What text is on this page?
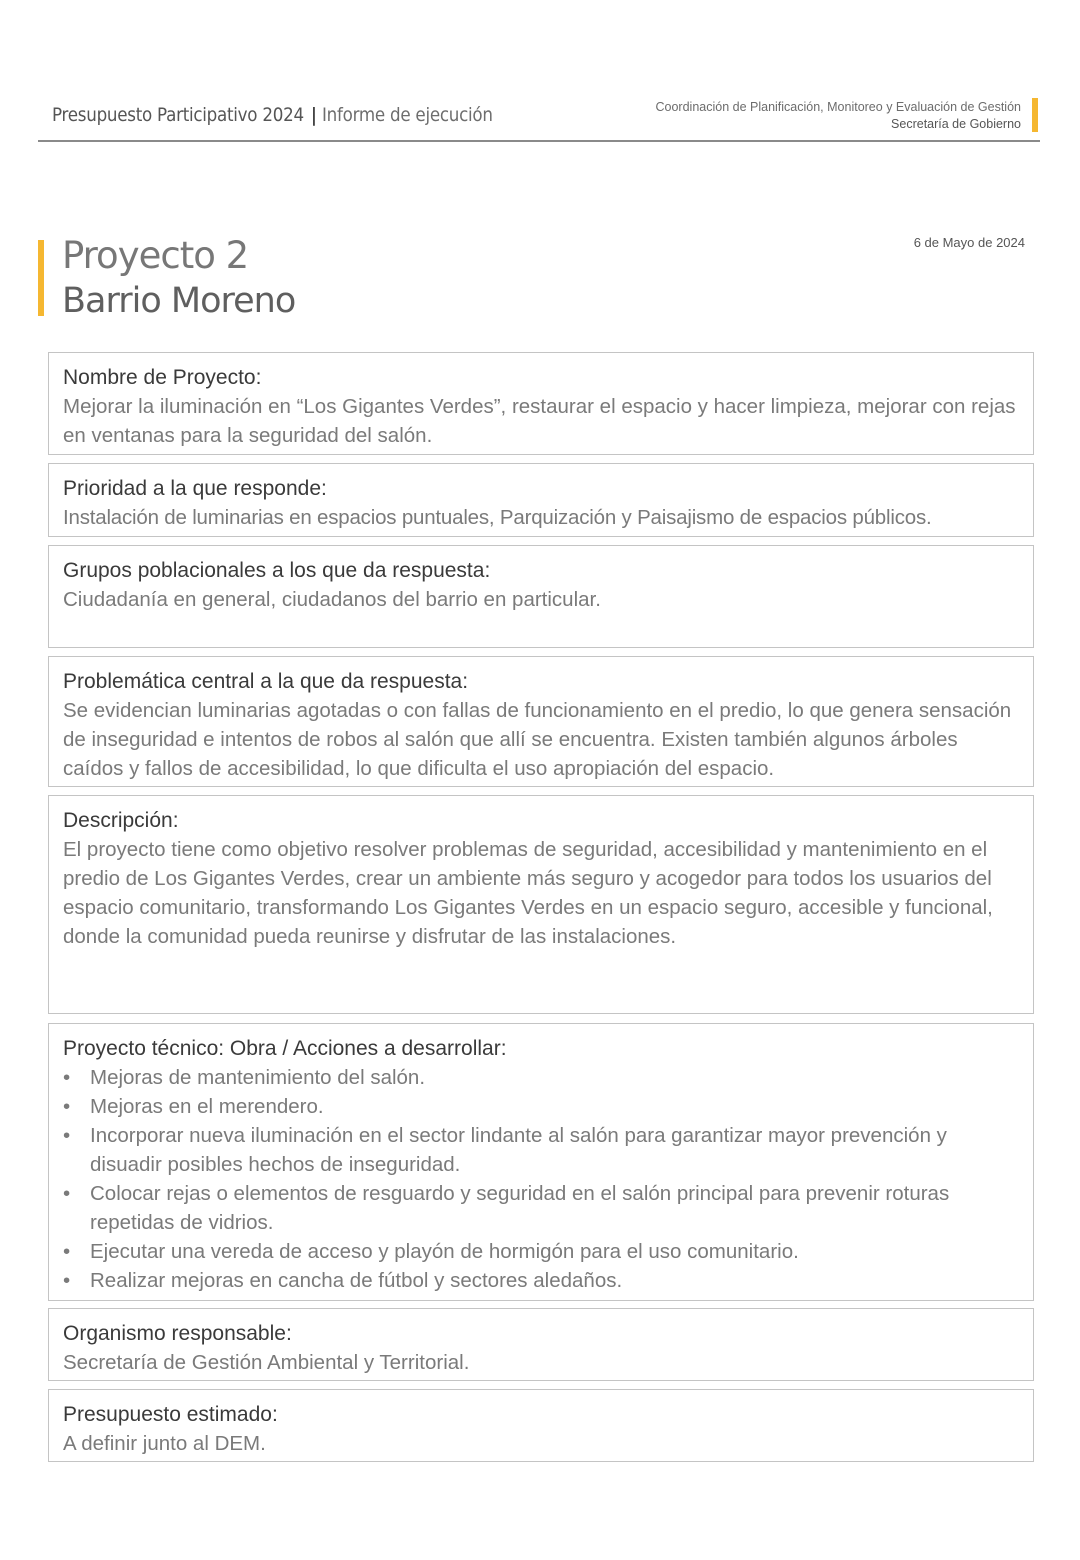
Presupuesto Participativo 2024 | Informe de ejecución	Coordinación de Planificación, Monitoreo y Evaluación de Gestión
Secretaría de Gobierno
6 de Mayo de 2024
Proyecto 2
Barrio Moreno
Nombre de Proyecto:
Mejorar la iluminación en “Los Gigantes Verdes”, restaurar el espacio y hacer limpieza, mejorar con rejas en ventanas para la seguridad del salón.
Prioridad a la que responde:
Instalación de luminarias en espacios puntuales, Parquización y Paisajismo de espacios públicos.
Grupos poblacionales a los que da respuesta:
Ciudadanía en general, ciudadanos del barrio en particular.
Problemática central a la que da respuesta:
Se evidencian luminarias agotadas o con fallas de funcionamiento en el predio, lo que genera sensación de inseguridad e intentos de robos al salón que allí se encuentra. Existen también algunos árboles caídos y fallos de accesibilidad, lo que dificulta el uso apropiación del espacio.
Descripción:
El proyecto tiene como objetivo resolver problemas de seguridad, accesibilidad y mantenimiento en el predio de Los Gigantes Verdes, crear un ambiente más seguro y acogedor para todos los usuarios del espacio comunitario, transformando Los Gigantes Verdes en un espacio seguro, accesible y funcional, donde la comunidad pueda reunirse y disfrutar de las instalaciones.
Proyecto técnico: Obra / Acciones a desarrollar:
• Mejoras de mantenimiento del salón.
• Mejoras en el merendero.
• Incorporar nueva iluminación en el sector lindante al salón para garantizar mayor prevención y disuadir posibles hechos de inseguridad.
• Colocar rejas o elementos de resguardo y seguridad en el salón principal para prevenir roturas repetidas de vidrios.
• Ejecutar una vereda de acceso y playón de hormigón para el uso comunitario.
• Realizar mejoras en cancha de fútbol y sectores aledaños.
Organismo responsable:
Secretaría de Gestión Ambiental y Territorial.
Presupuesto estimado:
A definir junto al DEM.
